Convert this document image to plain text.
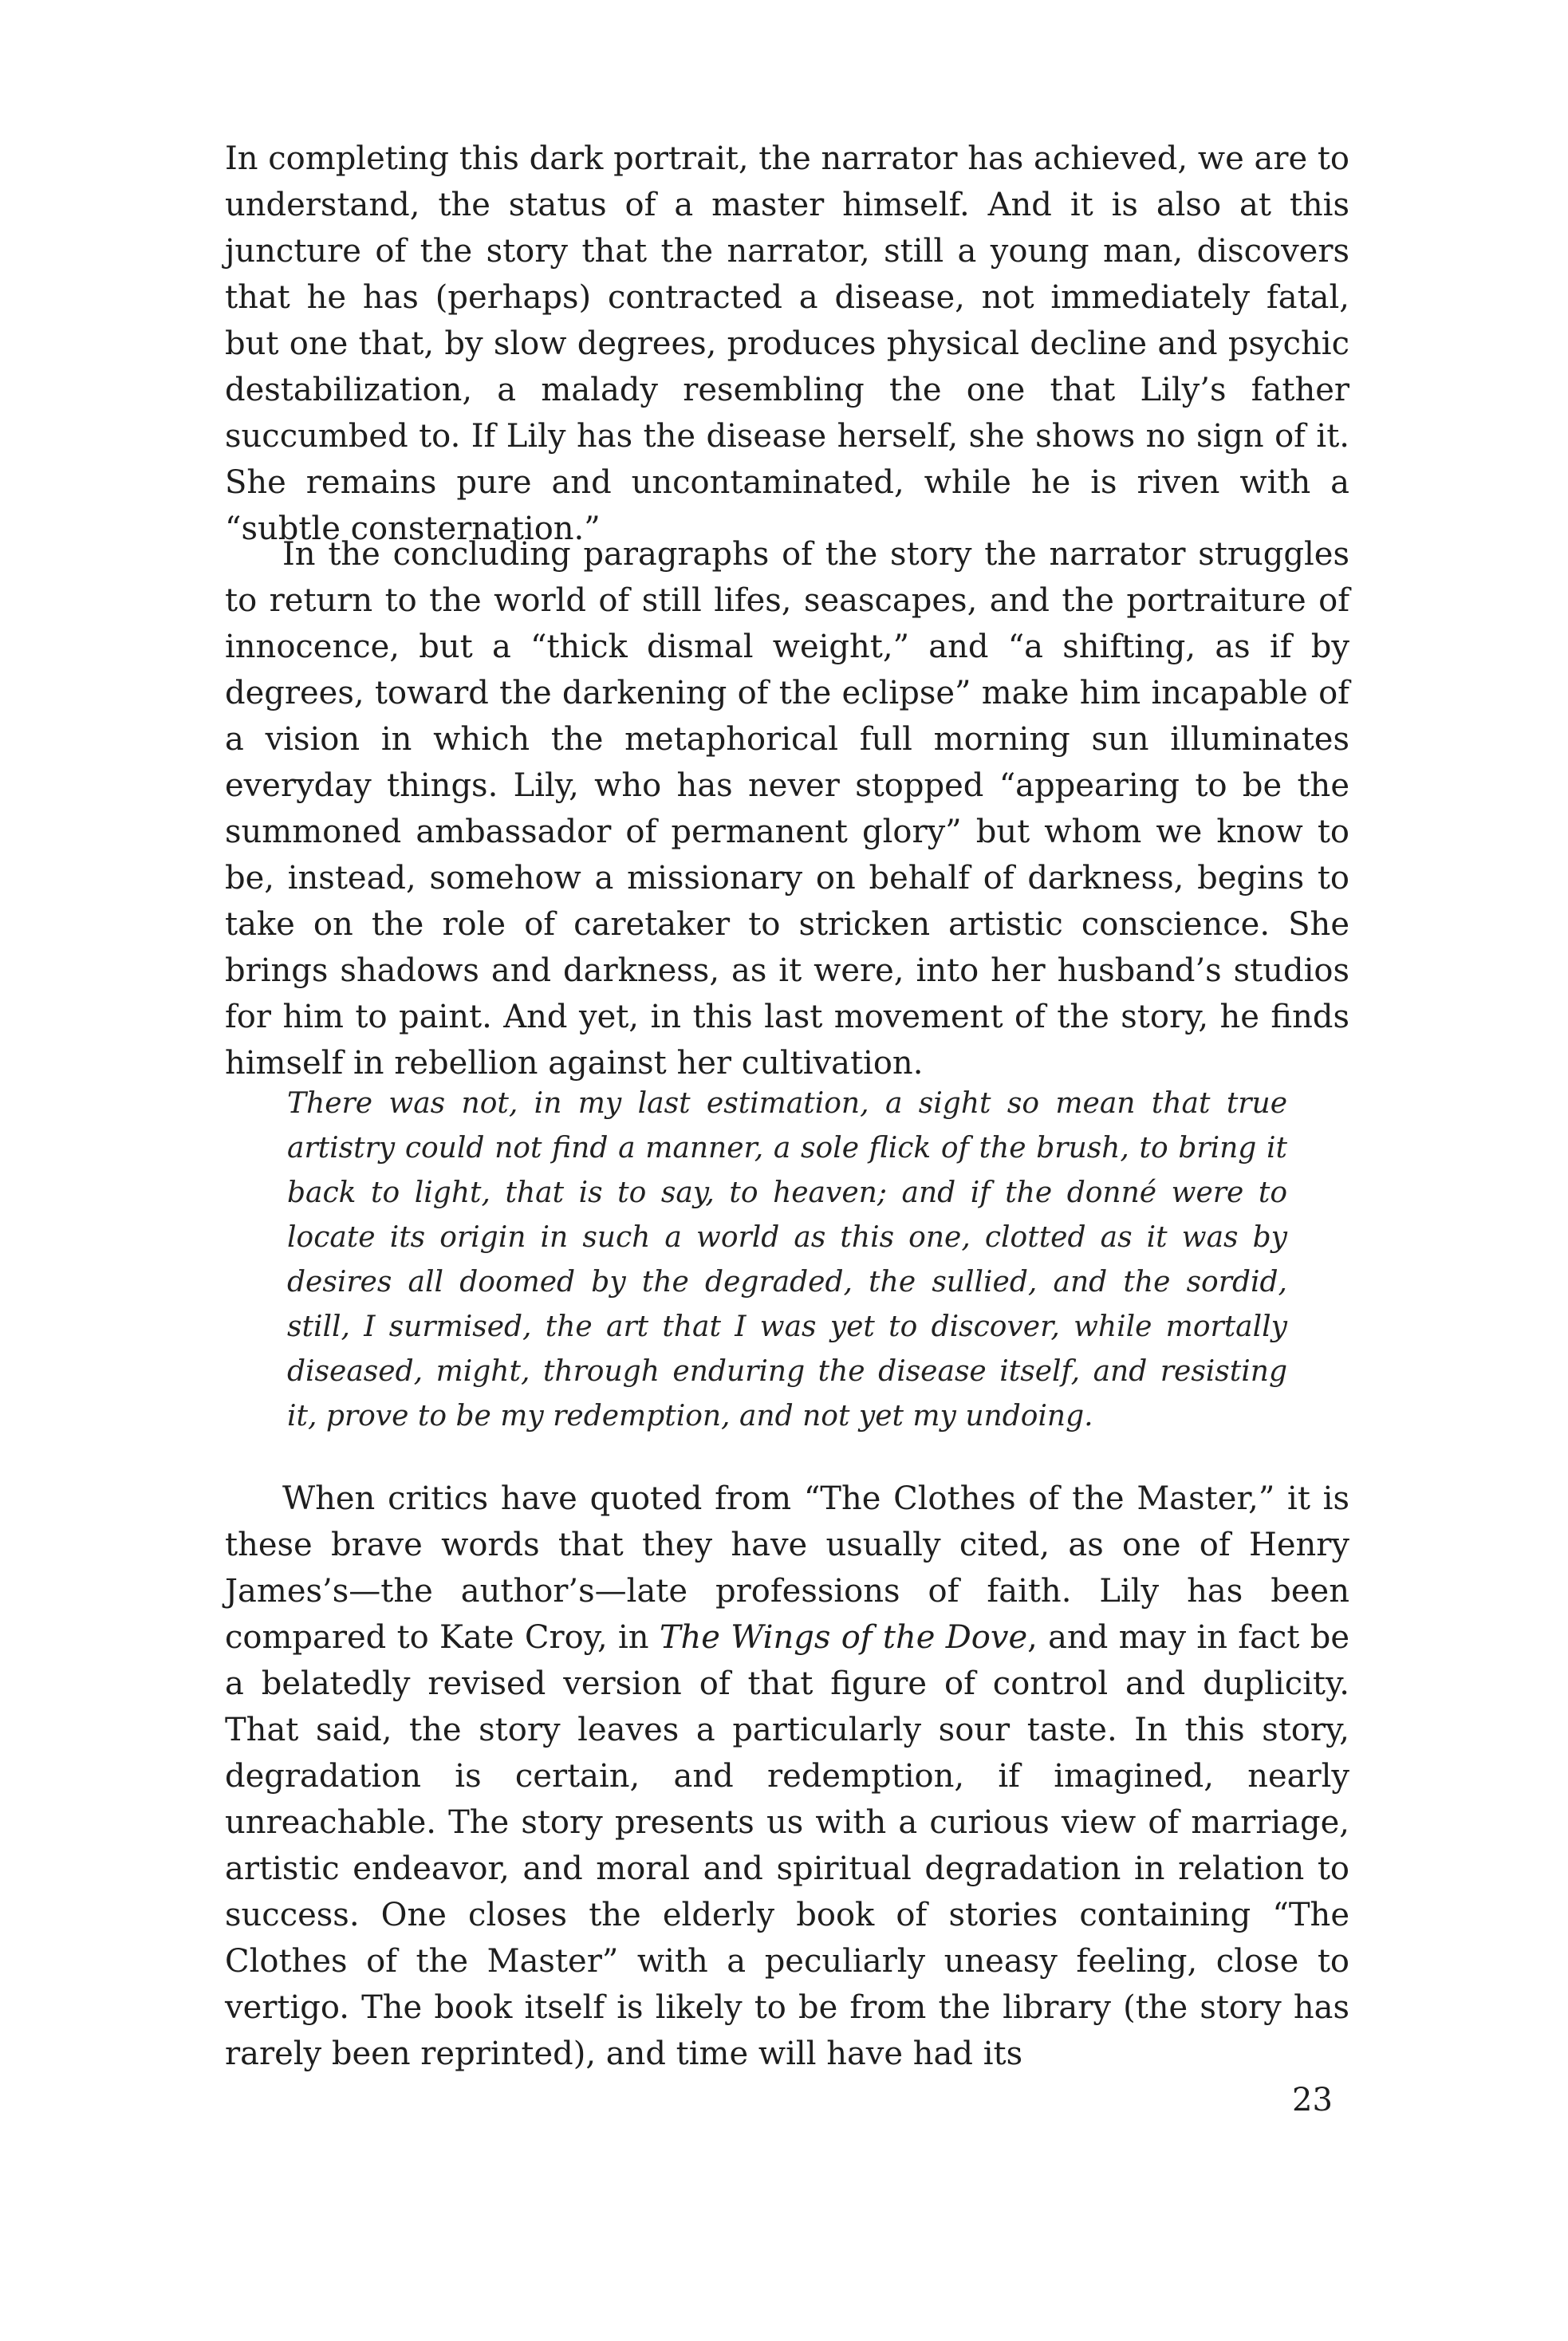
In completing this dark portrait, the narrator has achieved, we are to understand, the status of a master himself. And it is also at this juncture of the story that the narrator, still a young man, discovers that he has (perhaps) contracted a disease, not immediately fatal, but one that, by slow degrees, produces physical decline and psychic destabilization, a malady resembling the one that Lily’s father succumbed to. If Lily has the disease herself, she shows no sign of it. She remains pure and uncontaminated, while he is riven with a “subtle consternation.”

In the concluding paragraphs of the story the narrator struggles to return to the world of still lifes, seascapes, and the portraiture of innocence, but a “thick dismal weight,” and “a shifting, as if by degrees, toward the darkening of the eclipse” make him incapable of a vision in which the metaphorical full morning sun illuminates everyday things. Lily, who has never stopped “appearing to be the summoned ambassador of permanent glory” but whom we know to be, instead, somehow a missionary on behalf of darkness, begins to take on the role of caretaker to stricken artistic conscience. She brings shadows and darkness, as it were, into her husband’s studios for him to paint. And yet, in this last movement of the story, he finds himself in rebellion against her cultivation.

There was not, in my last estimation, a sight so mean that true artistry could not find a manner, a sole flick of the brush, to bring it back to light, that is to say, to heaven; and if the donné were to locate its origin in such a world as this one, clotted as it was by desires all doomed by the degraded, the sullied, and the sordid, still, I surmised, the art that I was yet to discover, while mortally diseased, might, through enduring the disease itself, and resisting it, prove to be my redemption, and not yet my undoing.

When critics have quoted from “The Clothes of the Master,” it is these brave words that they have usually cited, as one of Henry James’s—the author’s—late professions of faith. Lily has been compared to Kate Croy, in The Wings of the Dove, and may in fact be a belatedly revised version of that figure of control and duplicity. That said, the story leaves a particularly sour taste. In this story, degradation is certain, and redemption, if imagined, nearly unreachable. The story presents us with a curious view of marriage, artistic endeavor, and moral and spiritual degradation in relation to success. One closes the elderly book of stories containing “The Clothes of the Master” with a peculiarly uneasy feeling, close to vertigo. The book itself is likely to be from the library (the story has rarely been reprinted), and time will have had its

23
